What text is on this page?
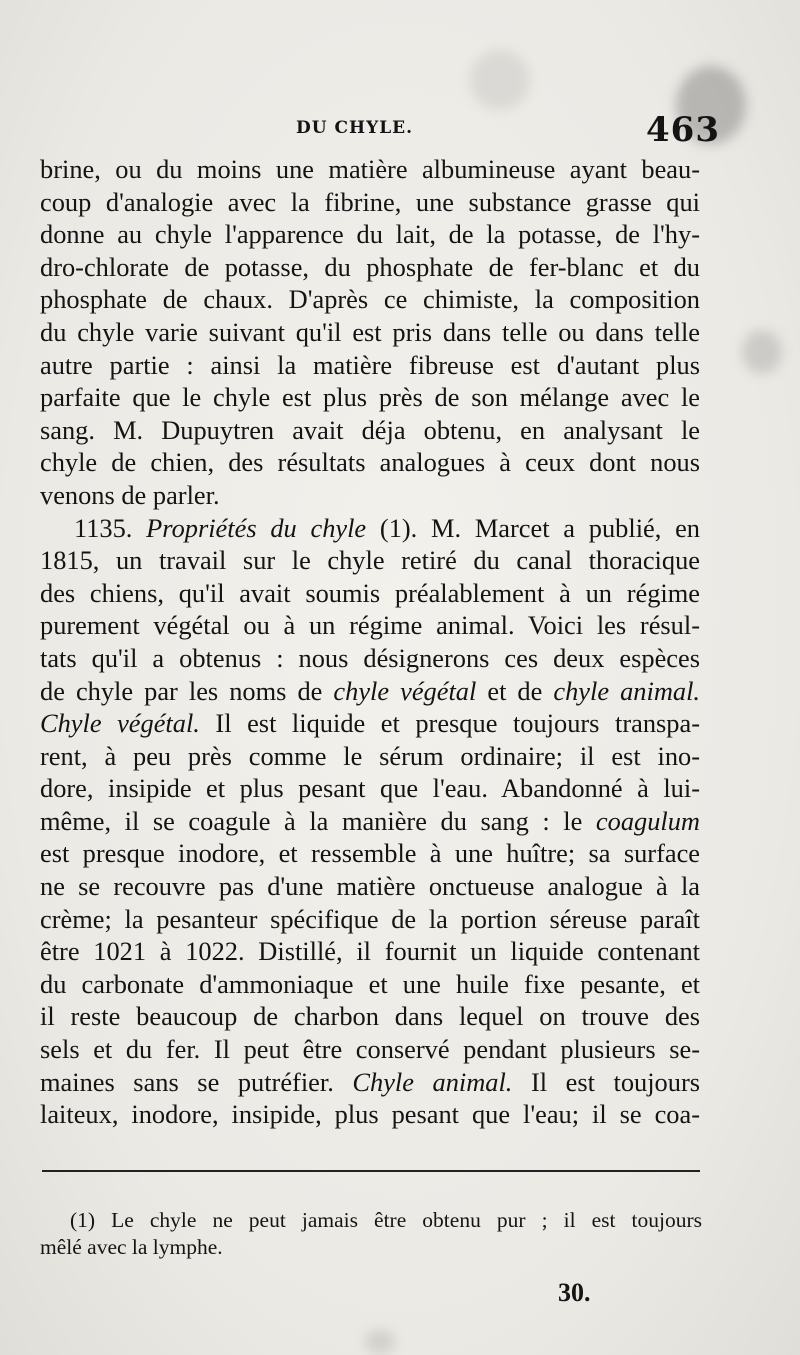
DU CHYLE.	463
brine, ou du moins une matière albumineuse ayant beau-
coup d'analogie avec la fibrine, une substance grasse qui
donne au chyle l'apparence du lait, de la potasse, de l'hy-
dro-chlorate de potasse, du phosphate de fer-blanc et du
phosphate de chaux. D'après ce chimiste, la composition
du chyle varie suivant qu'il est pris dans telle ou dans telle
autre partie : ainsi la matière fibreuse est d'autant plus
parfaite que le chyle est plus près de son mélange avec le
sang. M. Dupuytren avait déja obtenu, en analysant le
chyle de chien, des résultats analogues à ceux dont nous
venons de parler.
1135. Propriétés du chyle (1). M. Marcet a publié, en
1815, un travail sur le chyle retiré du canal thoracique
des chiens, qu'il avait soumis préalablement à un régime
purement végétal ou à un régime animal. Voici les résul-
tats qu'il a obtenus : nous désignerons ces deux espèces
de chyle par les noms de chyle végétal et de chyle animal.
Chyle végétal. Il est liquide et presque toujours transpa-
rent, à peu près comme le sérum ordinaire; il est ino-
dore, insipide et plus pesant que l'eau. Abandonné à lui-
même, il se coagule à la manière du sang : le coagulum
est presque inodore, et ressemble à une huître; sa surface
ne se recouvre pas d'une matière onctueuse analogue à la
crème; la pesanteur spécifique de la portion séreuse paraît
être 1021 à 1022. Distillé, il fournit un liquide contenant
du carbonate d'ammoniaque et une huile fixe pesante, et
il reste beaucoup de charbon dans lequel on trouve des
sels et du fer. Il peut être conservé pendant plusieurs se-
maines sans se putréfier. Chyle animal. Il est toujours
laiteux, inodore, insipide, plus pesant que l'eau; il se coa-
(1) Le chyle ne peut jamais être obtenu pur ; il est toujours
mêlé avec la lymphe.
30.
